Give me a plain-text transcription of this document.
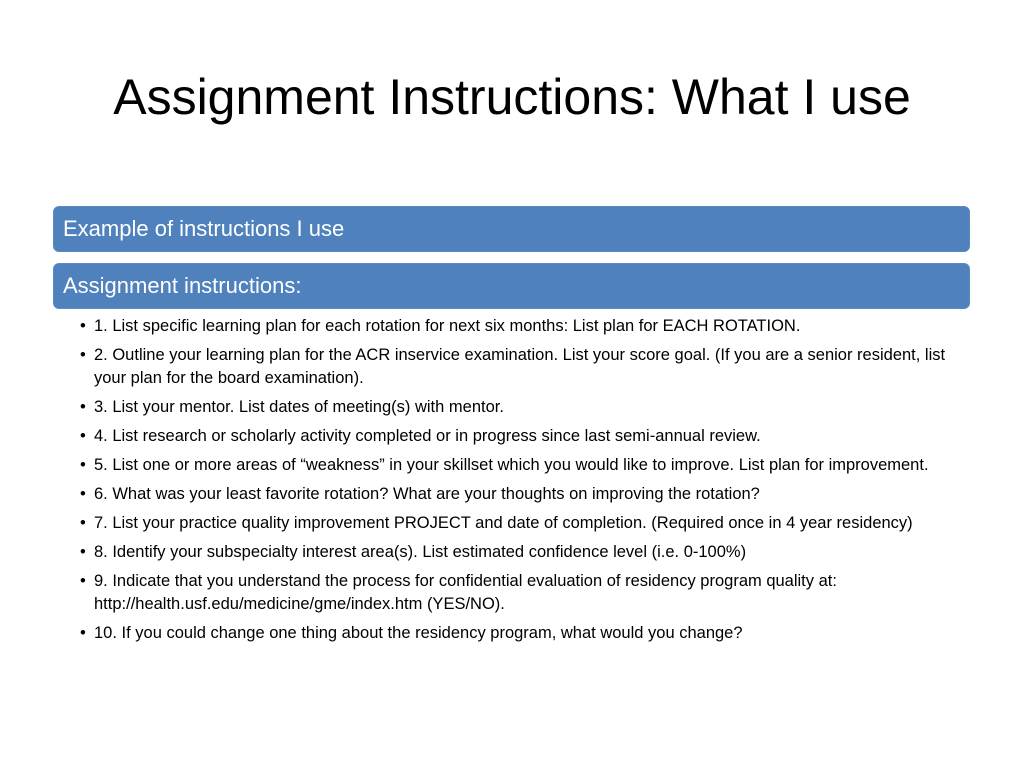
Assignment Instructions: What I use
Example of instructions I use
Assignment instructions:
• 1. List specific learning plan for each rotation for next six months: List plan for EACH ROTATION.
• 2. Outline your learning plan for the ACR inservice examination. List your score goal. (If you are a senior resident, list your plan for the board examination).
• 3. List your mentor. List dates of meeting(s) with mentor.
• 4. List research or scholarly activity completed or in progress since last semi-annual review.
• 5. List one or more areas of “weakness” in your skillset which you would like to improve. List plan for improvement.
• 6. What was your least favorite rotation? What are your thoughts on improving the rotation?
• 7. List your practice quality improvement PROJECT and date of completion. (Required once in 4 year residency)
• 8. Identify your subspecialty interest area(s). List estimated confidence level (i.e. 0-100%)
• 9. Indicate that you understand the process for confidential evaluation of residency program quality at: http://health.usf.edu/medicine/gme/index.htm (YES/NO).
• 10. If you could change one thing about the residency program, what would you change?
